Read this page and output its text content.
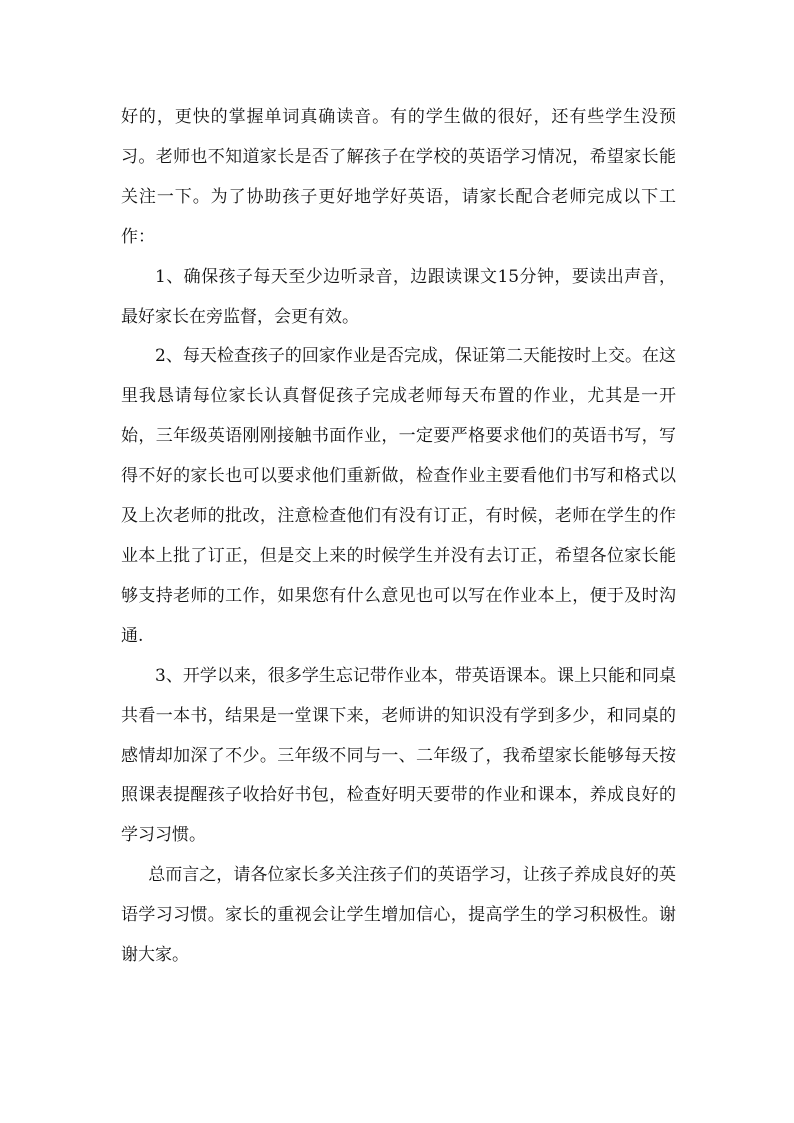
好的，更快的掌握单词真确读音。有的学生做的很好，还有些学生没预习。老师也不知道家长是否了解孩子在学校的英语学习情况，希望家长能关注一下。为了协助孩子更好地学好英语，请家长配合老师完成以下工作：

1、确保孩子每天至少边听录音，边跟读课文15分钟，要读出声音，最好家长在旁监督，会更有效。

2、每天检查孩子的回家作业是否完成，保证第二天能按时上交。在这里我恳请每位家长认真督促孩子完成老师每天布置的作业，尤其是一开始，三年级英语刚刚接触书面作业，一定要严格要求他们的英语书写，写得不好的家长也可以要求他们重新做，检查作业主要看他们书写和格式以及上次老师的批改，注意检查他们有没有订正，有时候，老师在学生的作业本上批了订正，但是交上来的时候学生并没有去订正，希望各位家长能够支持老师的工作，如果您有什么意见也可以写在作业本上，便于及时沟通.

3、开学以来，很多学生忘记带作业本，带英语课本。课上只能和同桌共看一本书，结果是一堂课下来，老师讲的知识没有学到多少，和同桌的感情却加深了不少。三年级不同与一、二年级了，我希望家长能够每天按照课表提醒孩子收拾好书包，检查好明天要带的作业和课本，养成良好的学习习惯。

总而言之，请各位家长多关注孩子们的英语学习，让孩子养成良好的英语学习习惯。家长的重视会让学生增加信心，提高学生的学习积极性。谢谢大家。
